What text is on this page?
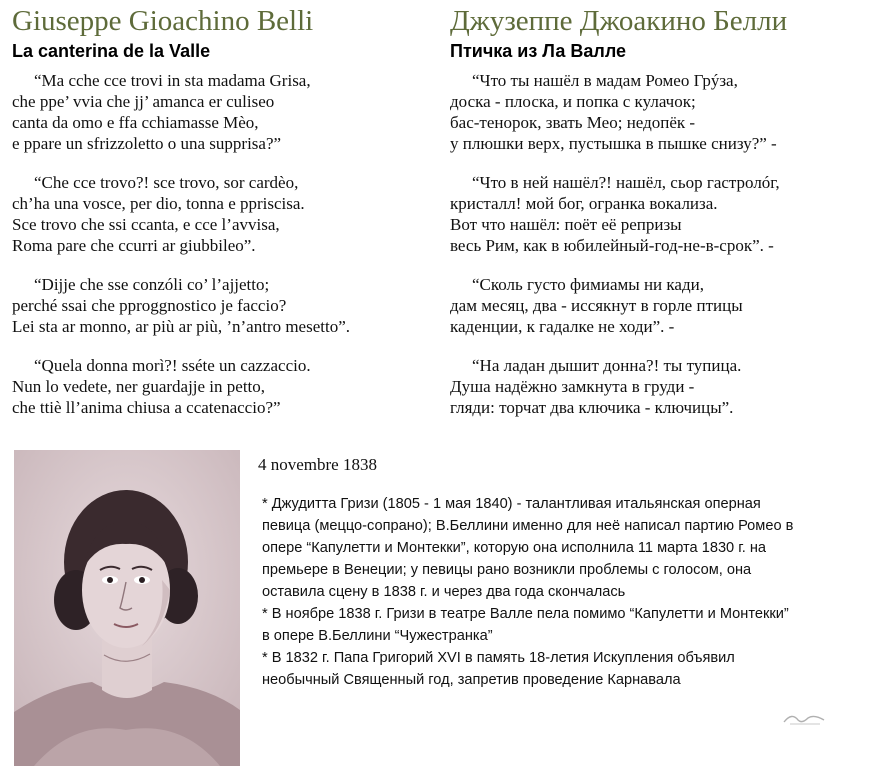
Giuseppe Gioachino Belli
La canterina de la Valle
“Ma cche cce trovi in sta madama Grisa,
che ppe’ vvia che jj’ amanca er culiseo
canta da omo e ffa cchiamasse Mèo,
e ppare un sfrizzoletto o una supprisa?”
“Che cce trovo?! sce trovo, sor cardèo,
ch’ha una vosce, per dio, tonna e ppriscisa.
Sce trovo che ssi ccanta, e cce l’avvisa,
Roma pare che ccurri ar giubbileo”.
“Dijje che sse conzóli co’ l’ajjetto;
perché ssai che pproggnostico je faccio?
Lei sta ar monno, ar più ar più, ’n’antro mesetto”.
“Quela donna morì?! sséte un cazzaccio.
Nun lo vedete, ner guardajje in petto,
che ttiè ll’anima chiusa a ccatenaccio?”
Джузеппе Джоакино Белли
Птичка из Ла Валле
“Что ты нашёл в мадам Ромео Грýза,
доска - плоска, и попка с кулачок;
бас-тенорок, звать Мео; недопёк -
у плюшки верх, пустышка в пышке снизу?” -
“Что в ней нашёл?! нашёл, сьор гастролóг,
кристалл! мой бог, огранка вокализа.
Вот что нашёл: поёт её репризы
весь Рим, как в юбилейный-год-не-в-срок”. -
“Сколь густо фимиамы ни кади,
дам месяц, два - иссякнут в горле птицы
каденции, к гадалке не ходи”. -
“На ладан дышит донна?! ты тупица.
Душа надёжно замкнута в груди -
гляди: торчат два ключика - ключицы”.
4 novembre 1838
* Джудитта Гризи (1805 - 1 мая 1840) - талантливая итальянская оперная
певица (меццо-сопрано); В.Беллини именно для неё написал партию Ромео в
опере “Капулетти и Монтекки”, которую она исполнила 11 марта 1830 г. на
премьере в Венеции; у певицы рано возникли проблемы с голосом, она
оставила сцену в 1838 г. и через два года скончалась
* В ноябре 1838 г. Гризи в театре Валле пела помимо “Капулетти и Монтекки”
в опере В.Беллини “Чужестранка”
* В 1832 г. Папа Григорий XVI в память 18-летия Искупления объявил
необычный Священный год, запретив проведение Карнавала
